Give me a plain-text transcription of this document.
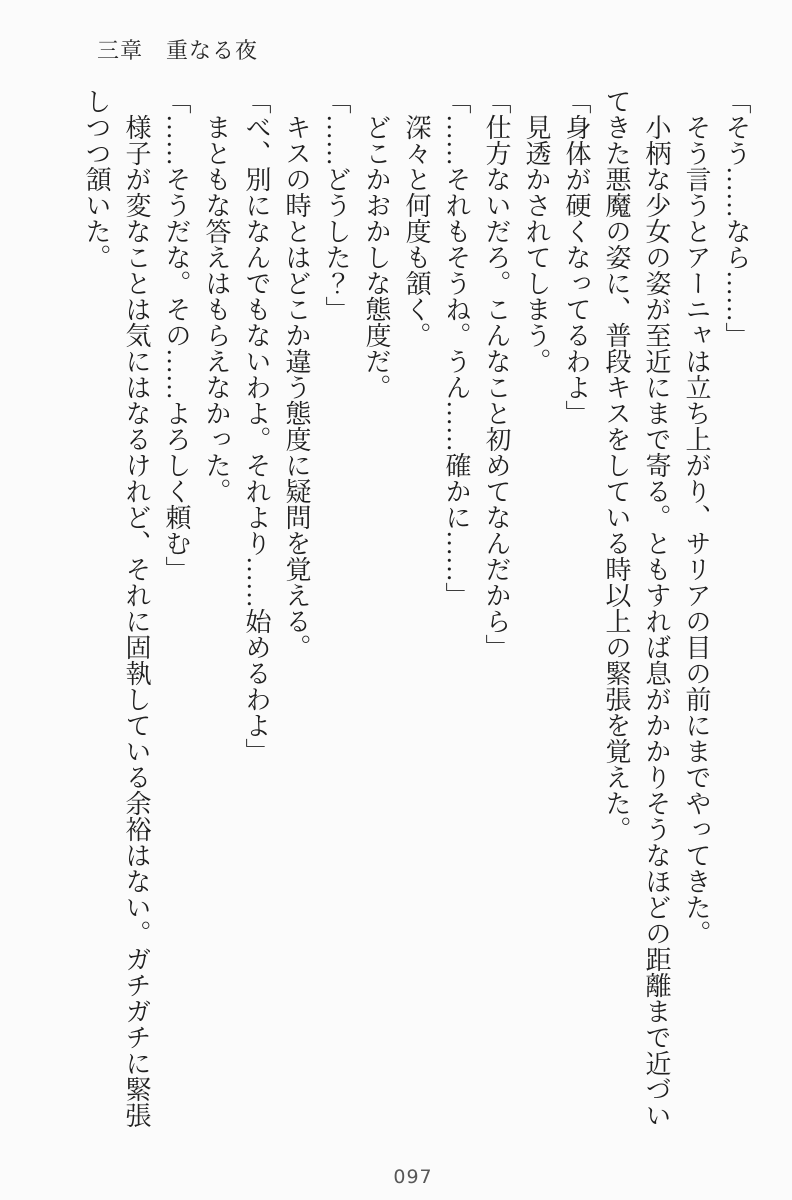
三章　重なる夜

「そう……なら……」

　そう言うとアーニャは立ち上がり、サリアの目の前にまでやってきた。

　小柄な少女の姿が至近にまで寄る。ともすれば息がかかりそうなほどの距離まで近づいてきた悪魔の姿に、普段キスをしている時以上の緊張を覚えた。

「身体が硬くなってるわよ」

　見透かされてしまう。

「仕方ないだろ。こんなこと初めてなんだから」

「……それもそうね。うん……確かに……」

　深々と何度も頷く。

　どこかおかしな態度だ。

「……どうした？」

　キスの時とはどこか違う態度に疑問を覚える。

「べ、別になんでもないわよ。それより……始めるわよ」

　まともな答えはもらえなかった。

「……そうだな。その……よろしく頼む」

　様子が変なことは気にはなるけれど、それに固執している余裕はない。ガチガチに緊張しつつ頷いた。

097
